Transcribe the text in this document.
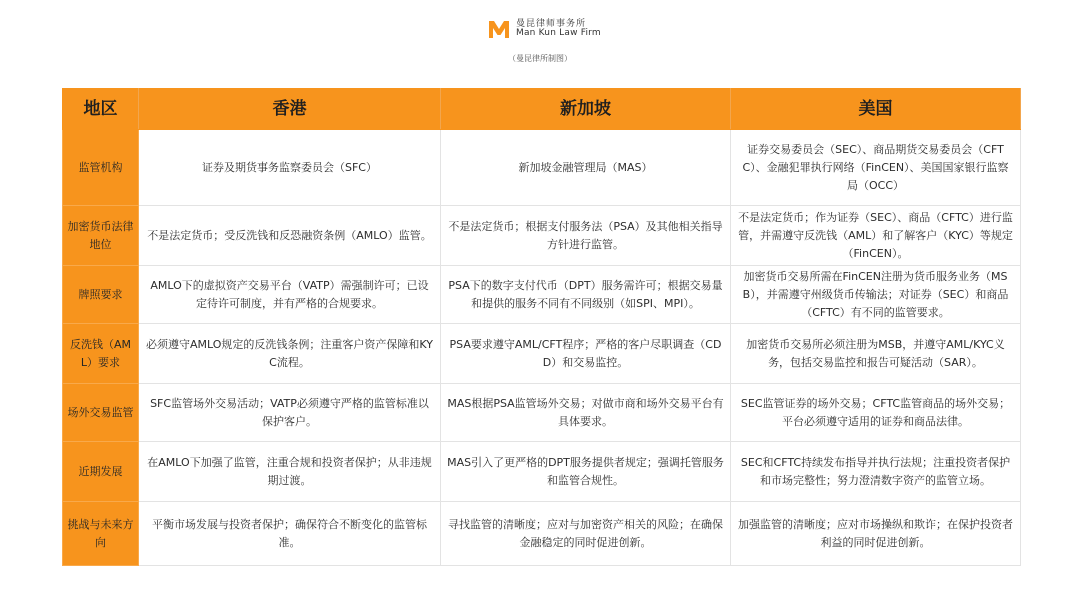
曼昆律师事务所
Man Kun Law Firm
（曼昆律所制图）
地区	香港	新加坡	美国
监管机构	证券及期货事务监察委员会（SFC）	新加坡金融管理局（MAS）	证券交易委员会（SEC）、商品期货交易委员会（CFTC）、金融犯罪执行网络（FinCEN）、美国国家银行监察局（OCC）
加密货币法律地位	不是法定货币；受反洗钱和反恐融资条例（AMLO）监管。	不是法定货币；根据支付服务法（PSA）及其他相关指导方针进行监管。	不是法定货币；作为证券（SEC）、商品（CFTC）进行监管，并需遵守反洗钱（AML）和了解客户（KYC）等规定（FinCEN）。
牌照要求	AMLO下的虚拟资产交易平台（VATP）需强制许可；已设定待许可制度，并有严格的合规要求。	PSA下的数字支付代币（DPT）服务需许可；根据交易量和提供的服务不同有不同级别（如SPI、MPI）。	加密货币交易所需在FinCEN注册为货币服务业务（MSB），并需遵守州级货币传输法；对证券（SEC）和商品（CFTC）有不同的监管要求。
反洗钱（AML）要求	必须遵守AMLO规定的反洗钱条例；注重客户资产保障和KYC流程。	PSA要求遵守AML/CFT程序；严格的客户尽职调查（CDD）和交易监控。	加密货币交易所必须注册为MSB，并遵守AML/KYC义务，包括交易监控和报告可疑活动（SAR）。
场外交易监管	SFC监管场外交易活动；VATP必须遵守严格的监管标准以保护客户。	MAS根据PSA监管场外交易；对做市商和场外交易平台有具体要求。	SEC监管证券的场外交易；CFTC监管商品的场外交易；平台必须遵守适用的证券和商品法律。
近期发展	在AMLO下加强了监管，注重合规和投资者保护；从非违规期过渡。	MAS引入了更严格的DPT服务提供者规定；强调托管服务和监管合规性。	SEC和CFTC持续发布指导并执行法规；注重投资者保护和市场完整性；努力澄清数字资产的监管立场。
挑战与未来方向	平衡市场发展与投资者保护；确保符合不断变化的监管标准。	寻找监管的清晰度；应对与加密资产相关的风险；在确保金融稳定的同时促进创新。	加强监管的清晰度；应对市场操纵和欺诈；在保护投资者利益的同时促进创新。
